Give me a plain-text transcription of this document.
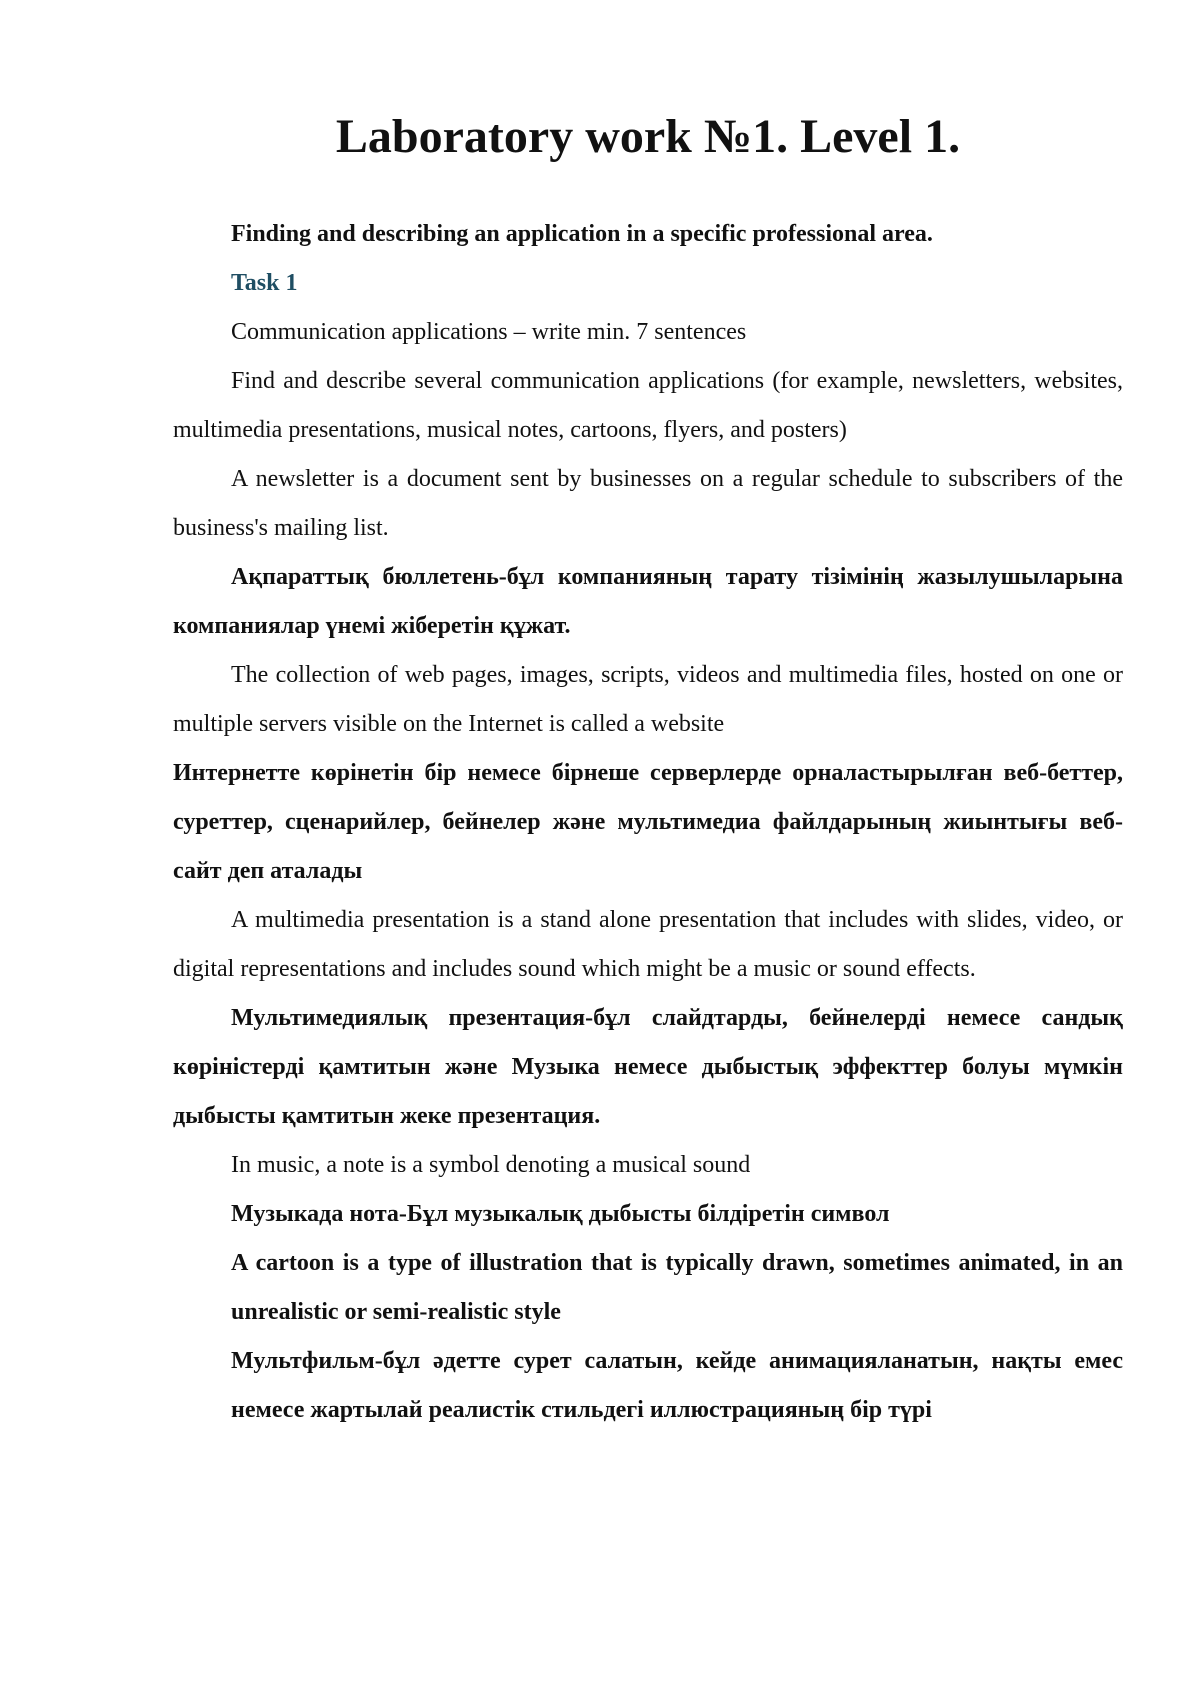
Laboratory work №1. Level 1.

Finding and describing an application in a specific professional area.

Task 1

Communication applications – write min. 7 sentences

Find and describe several communication applications (for example, newsletters, websites, multimedia presentations, musical notes, cartoons, flyers, and posters)

A newsletter is a document sent by businesses on a regular schedule to subscribers of the business's mailing list.

Ақпараттық бюллетень-бұл компанияның тарату тізімінің жазылушыларына компаниялар үнемі жіберетін құжат.

The collection of web pages, images, scripts, videos and multimedia files, hosted on one or multiple servers visible on the Internet is called a website

Интернетте көрінетін бір немесе бірнеше серверлерде орналастырылған веб-беттер, суреттер, сценарийлер, бейнелер және мультимедиа файлдарының жиынтығы веб-сайт деп аталады

A multimedia presentation is a stand alone presentation that includes with slides, video, or digital representations and includes sound which might be a music or sound effects.

Мультимедиялық презентация-бұл слайдтарды, бейнелерді немесе сандық көріністерді қамтитын және Музыка немесе дыбыстық эффекттер болуы мүмкін дыбысты қамтитын жеке презентация.

In music, a note is a symbol denoting a musical sound

Музыкада нота-Бұл музыкалық дыбысты білдіретін символ

A cartoon is a type of illustration that is typically drawn, sometimes animated, in an unrealistic or semi-realistic style

Мультфильм-бұл әдетте сурет салатын, кейде анимацияланатын, нақты емес немесе жартылай реалистік стильдегі иллюстрацияның бір түрі
